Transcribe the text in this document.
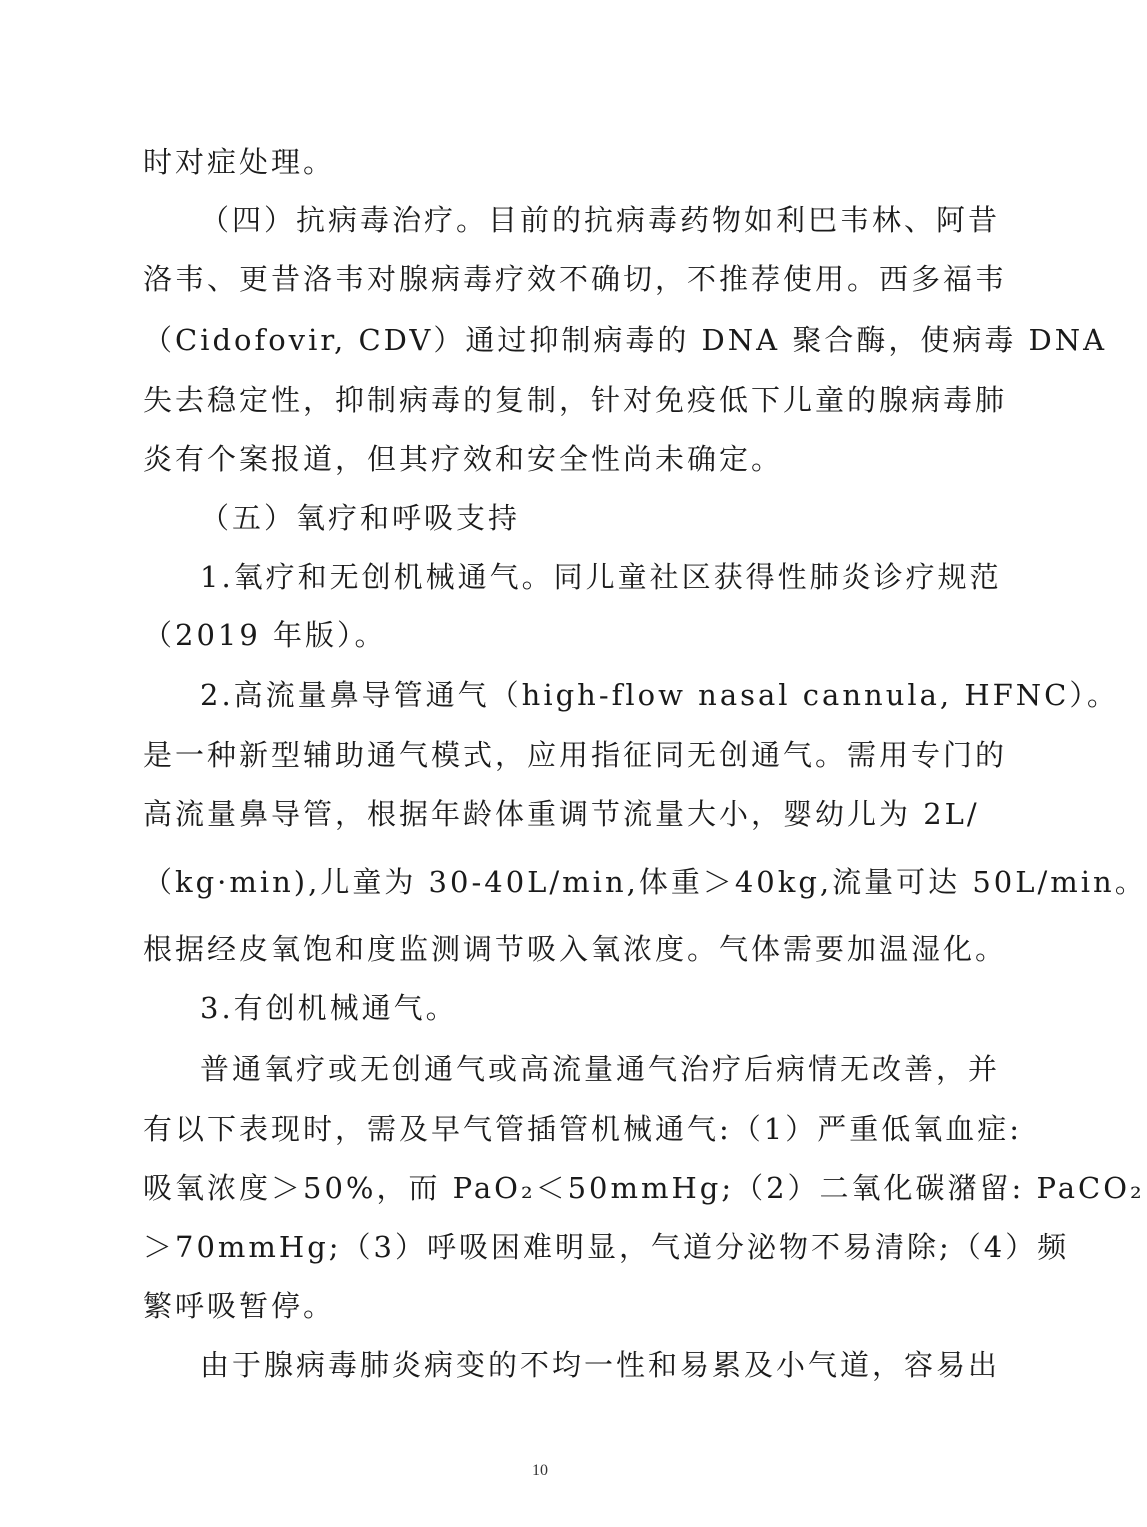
时对症处理。
（四）抗病毒治疗。目前的抗病毒药物如利巴韦林、阿昔
洛韦、更昔洛韦对腺病毒疗效不确切，不推荐使用。西多福韦
（Cidofovir, CDV）通过抑制病毒的 DNA 聚合酶，使病毒 DNA
失去稳定性，抑制病毒的复制，针对免疫低下儿童的腺病毒肺
炎有个案报道，但其疗效和安全性尚未确定。
（五）氧疗和呼吸支持
1.氧疗和无创机械通气。同儿童社区获得性肺炎诊疗规范
（2019 年版）。
2.高流量鼻导管通气（high-flow nasal cannula, HFNC）。
是一种新型辅助通气模式，应用指征同无创通气。需用专门的
高流量鼻导管，根据年龄体重调节流量大小，婴幼儿为 2L/
（kg·min),儿童为 30-40L/min,体重＞40kg,流量可达 50L/min。
根据经皮氧饱和度监测调节吸入氧浓度。气体需要加温湿化。
3.有创机械通气。
普通氧疗或无创通气或高流量通气治疗后病情无改善，并
有以下表现时，需及早气管插管机械通气:（1）严重低氧血症:
吸氧浓度＞50%，而 PaO₂＜50mmHg;（2）二氧化碳潴留: PaCO₂
＞70mmHg;（3）呼吸困难明显，气道分泌物不易清除;（4）频
繁呼吸暂停。
由于腺病毒肺炎病变的不均一性和易累及小气道，容易出
10
